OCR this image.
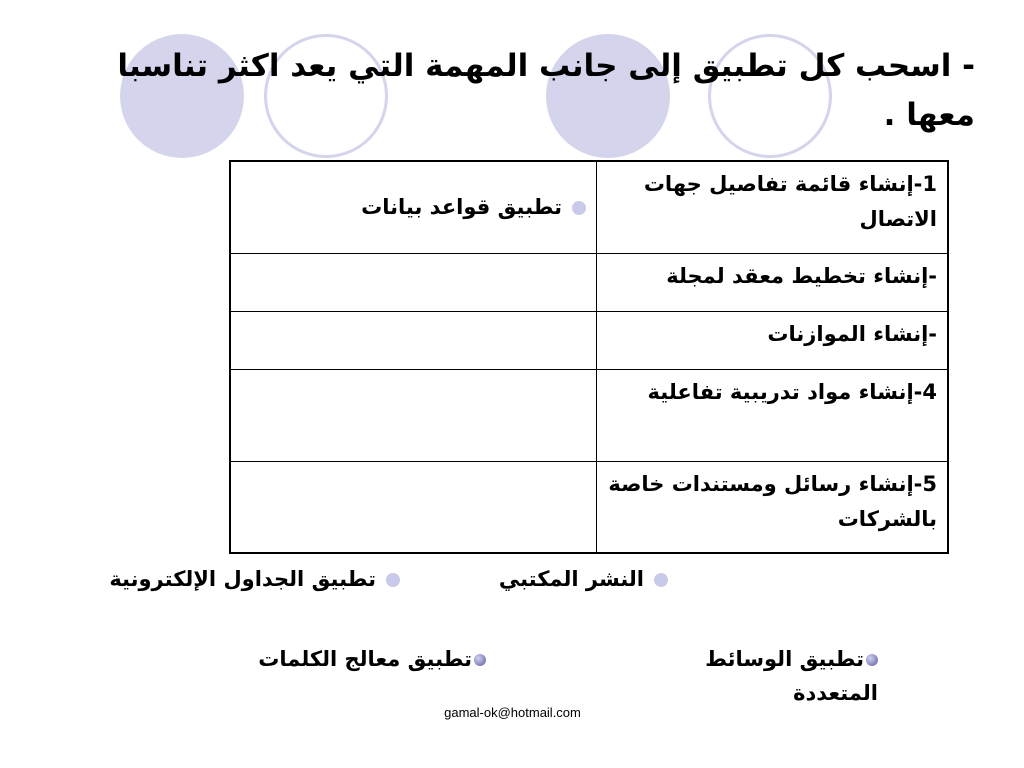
- اسحب كل تطبيق إلى جانب المهمة التي يعد اكثر تناسبا معها .
1-إنشاء قائمة تفاصيل جهات الاتصال	تطبيق قواعد بيانات
-إنشاء تخطيط معقد لمجلة	
-إنشاء الموازنات	
4-إنشاء مواد تدريبية تفاعلية	
5-إنشاء رسائل ومستندات خاصة بالشركات	
النشر المكتبي
تطبيق الجداول الإلكترونية
تطبيق الوسائط المتعددة
تطبيق معالج الكلمات
gamal-ok@hotmail.com
